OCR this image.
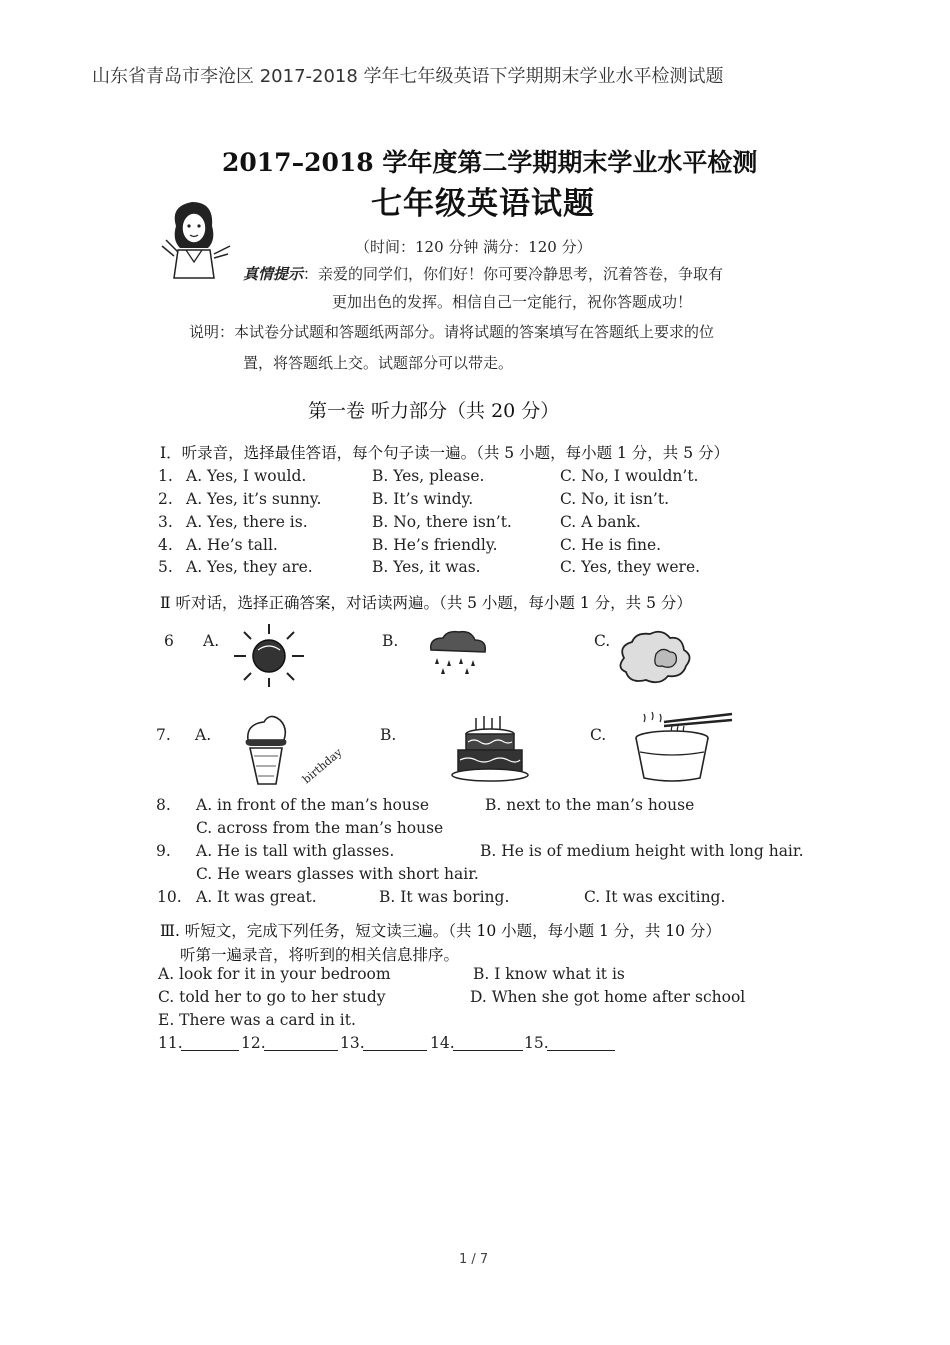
山东省青岛市李沧区 2017-2018 学年七年级英语下学期期末学业水平检测试题
2017–2018 学年度第二学期期末学业水平检测
七年级英语试题
（时间：120 分钟 满分：120 分）
真情提示：亲爱的同学们，你们好！你可要冷静思考，沉着答卷，争取有
更加出色的发挥。相信自己一定能行，祝你答题成功！
说明：本试卷分试题和答题纸两部分。请将试题的答案填写在答题纸上要求的位
置，将答题纸上交。试题部分可以带走。
第一卷 听力部分（共 20 分）
Ⅰ．听录音，选择最佳答语，每个句子读一遍。（共 5 小题，每小题 1 分，共 5 分）
1. A. Yes, I would.	B. Yes, please.	C. No, I wouldn’t.
2. A. Yes, it’s sunny.	B. It’s windy.	C. No, it isn’t.
3. A. Yes, there is.	B. No, there isn’t.	C. A bank.
4. A. He’s tall.	B. He’s friendly.	C. He is fine.
5. A. Yes, they are.	B. Yes, it was.	C. Yes, they were.
Ⅱ 听对话，选择正确答案，对话读两遍。（共 5 小题，每小题 1 分，共 5 分）
6 A.	B.	C.
7. A.	B.	C.
birthday
8. A. in front of the man’s house	B. next to the man’s house
C. across from the man’s house
9. A. He is tall with glasses.	B. He is of medium height with long hair.
C. He wears glasses with short hair.
10. A. It was great.	B. It was boring.	C. It was exciting.
Ⅲ. 听短文，完成下列任务，短文读三遍。（共 10 小题，每小题 1 分，共 10 分）
听第一遍录音，将听到的相关信息排序。
A. look for it in your bedroom	B. I know what it is
C. told her to go to her study	D. When she got home after school
E. There was a card in it.
11.	12.	13.	14.	15.
1 / 7
